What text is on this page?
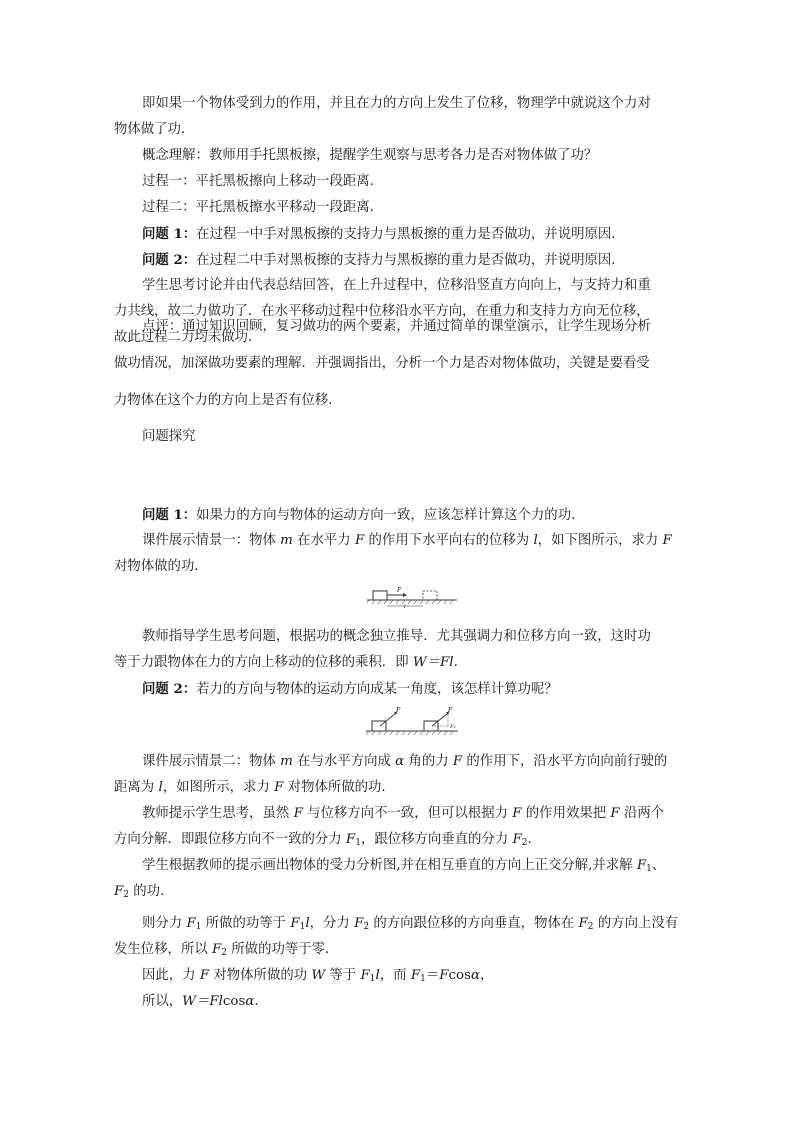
即如果一个物体受到力的作用，并且在力的方向上发生了位移，物理学中就说这个力对
物体做了功．

概念理解：教师用手托黑板擦，提醒学生观察与思考各力是否对物体做了功？

过程一：平托黑板擦向上移动一段距离．

过程二：平托黑板擦水平移动一段距离．

问题 1：在过程一中手对黑板擦的支持力与黑板擦的重力是否做功，并说明原因．

问题 2：在过程二中手对黑板擦的支持力与黑板擦的重力是否做功，并说明原因．

学生思考讨论并由代表总结回答，在上升过程中，位移沿竖直方向向上，与支持力和重
力共线，故二力做功了．在水平移动过程中位移沿水平方向，在重力和支持力方向无位移，
故此过程二力均未做功．

点评：通过知识回顾，复习做功的两个要素，并通过简单的课堂演示，让学生现场分析
做功情况，加深做功要素的理解．并强调指出，分析一个力是否对物体做功，关键是要看受
力物体在这个力的方向上是否有位移．

问题探究

问题 1：如果力的方向与物体的运动方向一致，应该怎样计算这个力的功．

课件展示情景一：物体 m 在水平力 F 的作用下水平向右的位移为 l，如下图所示，求力 F
对物体做的功．

F
l

教师指导学生思考问题，根据功的概念独立推导．尤其强调力和位移方向一致，这时功
等于力跟物体在力的方向上移动的位移的乘积．即 W＝Fl.

问题 2：若力的方向与物体的运动方向成某一角度，该怎样计算功呢？

F	F
F2

课件展示情景二：物体 m 在与水平方向成 α 角的力 F 的作用下，沿水平方向向前行驶的
距离为 l，如图所示，求力 F 对物体所做的功．

教师提示学生思考，虽然 F 与位移方向不一致，但可以根据力 F 的作用效果把 F 沿两个
方向分解．即跟位移方向不一致的分力 $F_1$，跟位移方向垂直的分力 $F_2$.

学生根据教师的提示画出物体的受力分析图,并在相互垂直的方向上正交分解,并求解 $F_1$、
$F_2$ 的功．

则分力 $F_1$ 所做的功等于 $F_1l$，分力 $F_2$ 的方向跟位移的方向垂直，物体在 $F_2$ 的方向上没有
发生位移，所以 $F_2$ 所做的功等于零．

因此，力 F 对物体所做的功 W 等于 $F_1l$，而 $F_1=Fcos\alpha$，

所以，W＝Flcosα.
